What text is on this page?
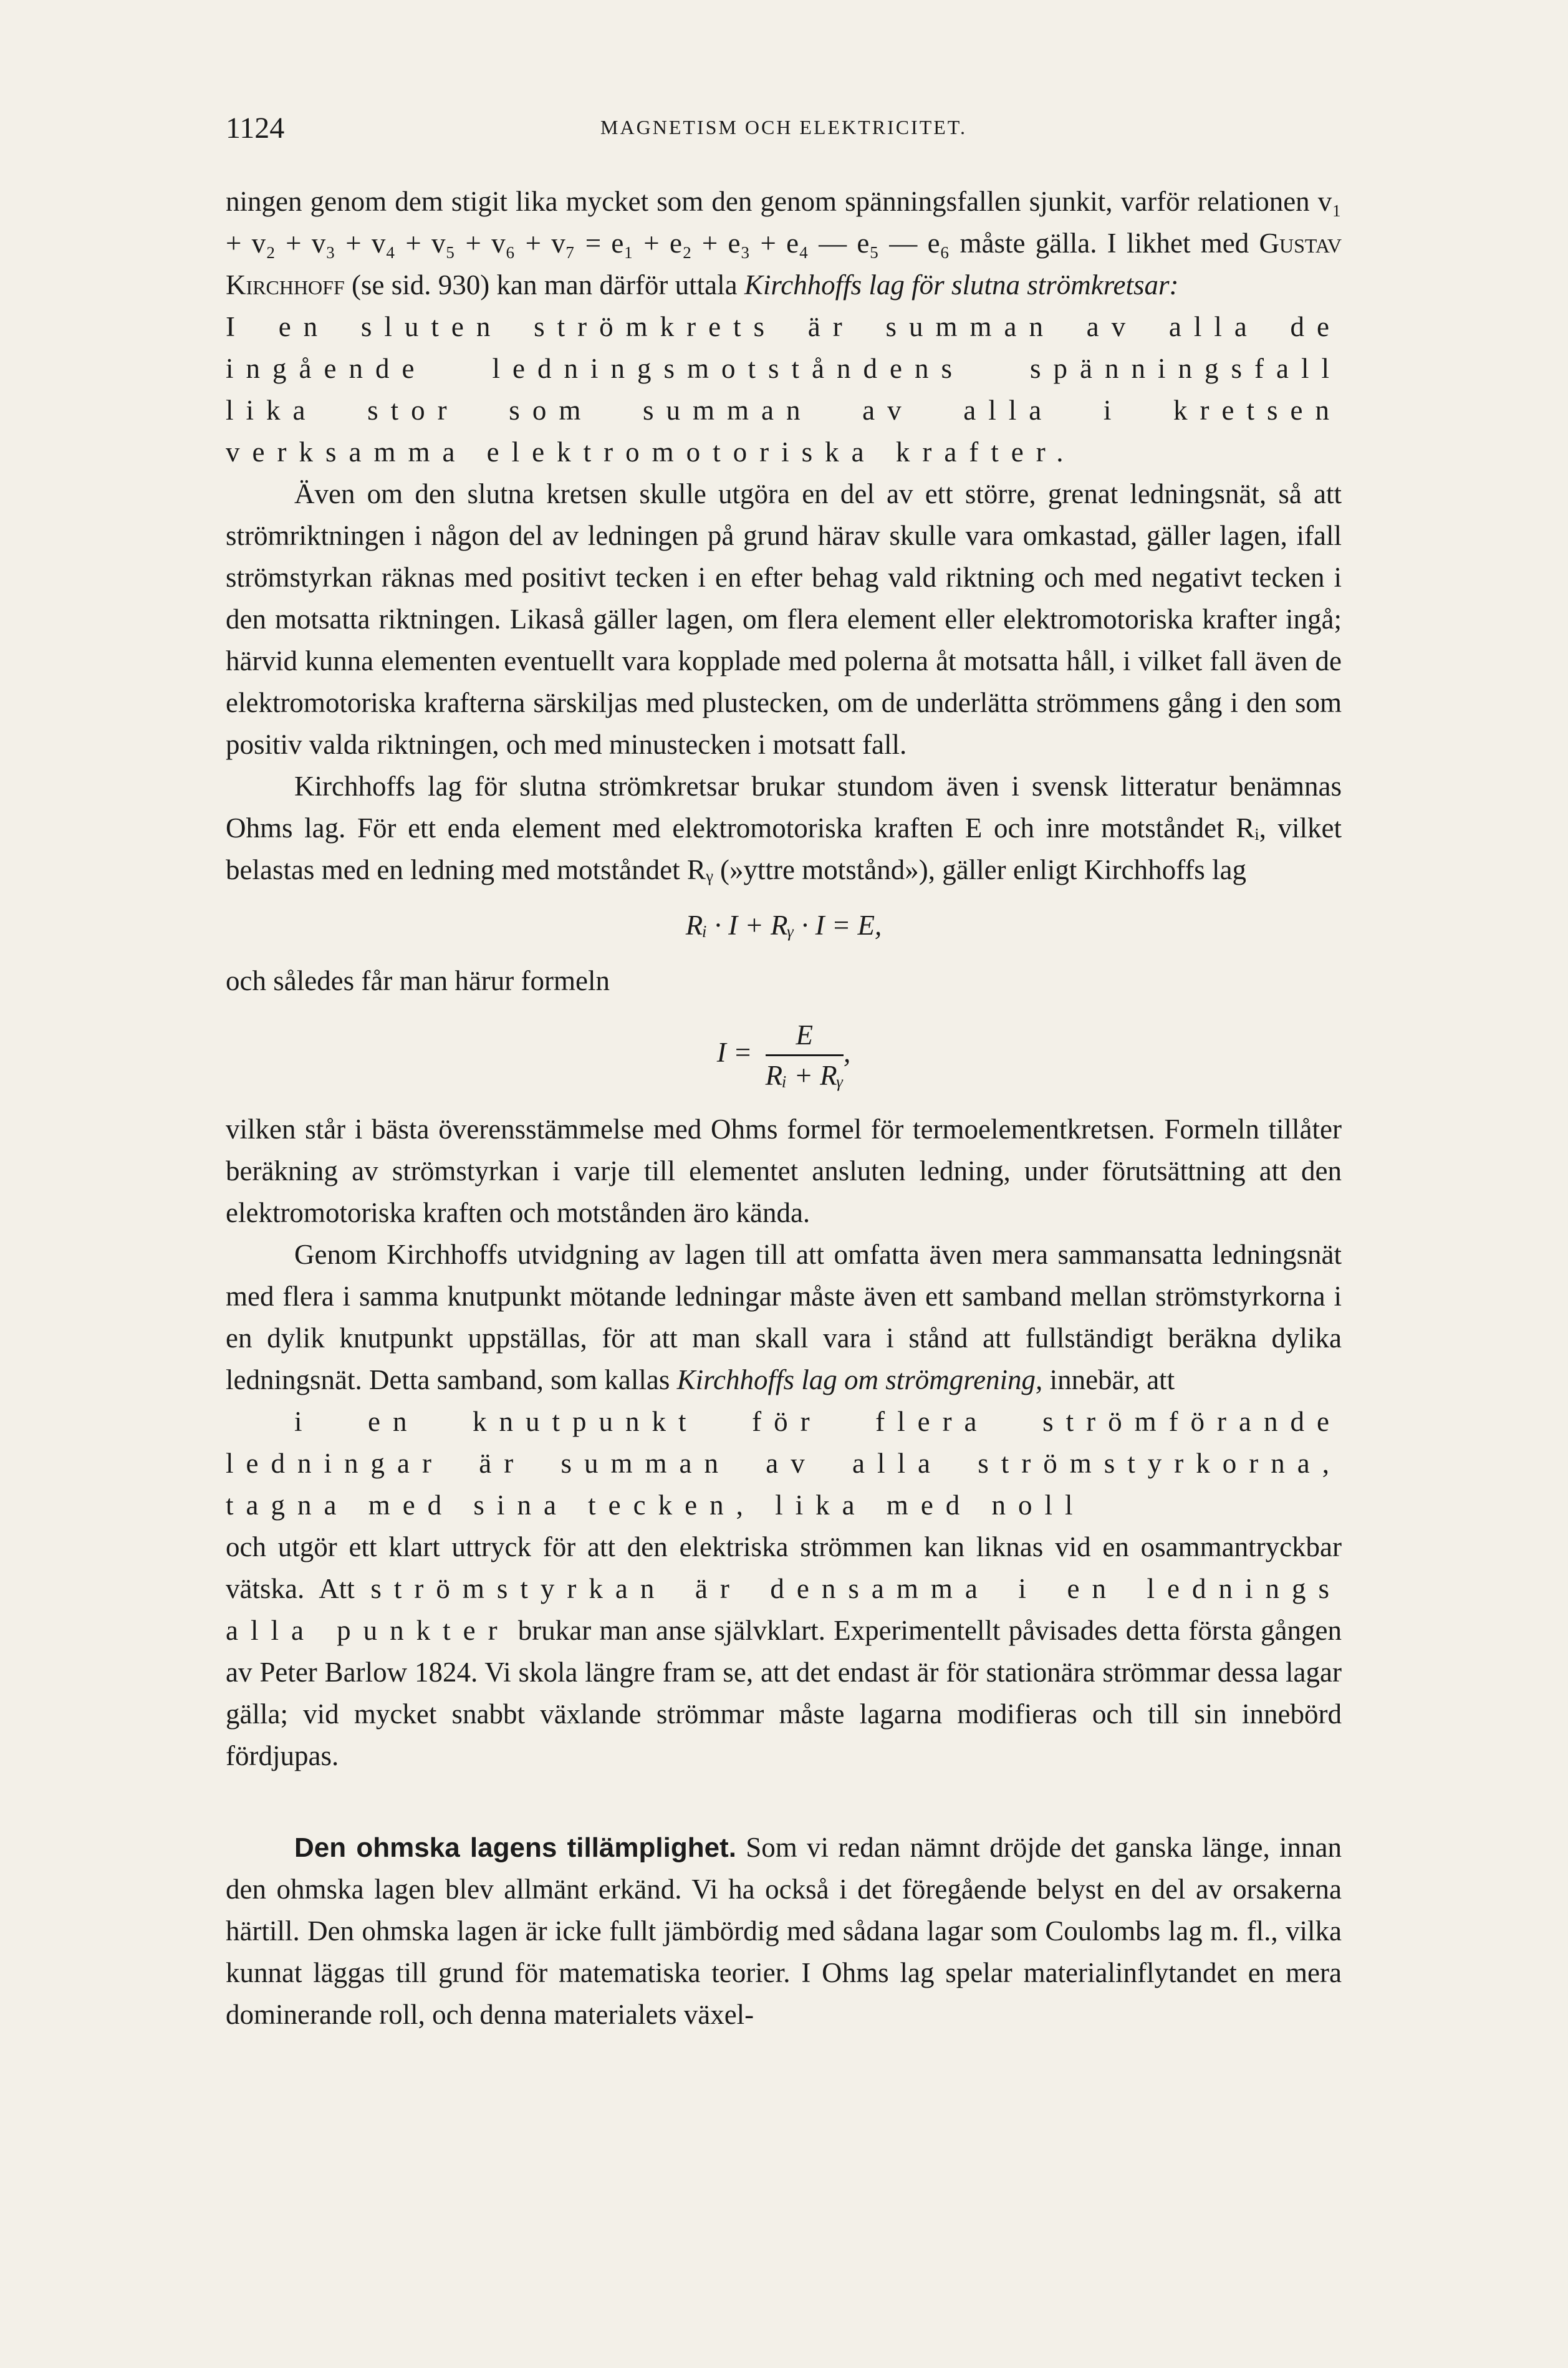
1124	MAGNETISM OCH ELEKTRICITET.

ningen genom dem stigit lika mycket som den genom spänningsfallen sjunkit, varför relationen v₁ + v₂ + v₃ + v₄ + v₅ + v₆ + v₇ = e₁ + e₂ + e₃ + e₄ — e₅ — e₆ måste gälla. I likhet med Gustav Kirchhoff (se sid. 930) kan man därför uttala Kirchhoffs lag för slutna strömkretsar:

I en sluten strömkrets är summan av alla de ingående ledningsmotståndens spänningsfall lika stor som summan av alla i kretsen verksamma elektromotoriska krafter.

Även om den slutna kretsen skulle utgöra en del av ett större, grenat ledningsnät, så att strömriktningen i någon del av ledningen på grund härav skulle vara omkastad, gäller lagen, ifall strömstyrkan räknas med positivt tecken i en efter behag vald riktning och med negativt tecken i den motsatta riktningen. Likaså gäller lagen, om flera element eller elektromotoriska krafter ingå; härvid kunna elementen eventuellt vara kopplade med polerna åt motsatta håll, i vilket fall även de elektromotoriska krafterna särskiljas med plustecken, om de underlätta strömmens gång i den som positiv valda riktningen, och med minustecken i motsatt fall.

Kirchhoffs lag för slutna strömkretsar brukar stundom även i svensk litteratur benämnas Ohms lag. För ett enda element med elektromotoriska kraften E och inre motståndet Rᵢ, vilket belastas med en ledning med motståndet Rᵧ (»yttre motstånd»), gäller enligt Kirchhoffs lag

Rᵢ · I + Rᵧ · I = E,

och således får man härur formeln

$I = \frac{E}{\text{Rᵢ + Rᵧ}}$ ,

vilken står i bästa överensstämmelse med Ohms formel för termoelementkretsen. Formeln tillåter beräkning av strömstyrkan i varje till elementet ansluten ledning, under förutsättning att den elektromotoriska kraften och motstånden äro kända.

Genom Kirchhoffs utvidgning av lagen till att omfatta även mera sammansatta ledningsnät med flera i samma knutpunkt mötande ledningar måste även ett samband mellan strömstyrkorna i en dylik knutpunkt uppställas, för att man skall vara i stånd att fullständigt beräkna dylika ledningsnät. Detta samband, som kallas Kirchhoffs lag om strömgrening, innebär, att

i en knutpunkt för flera strömförande ledningar är summan av alla strömstyrkorna, tagna med sina tecken, lika med noll

och utgör ett klart uttryck för att den elektriska strömmen kan liknas vid en osammantryckbar vätska. Att strömstyrkan är densamma i en lednings alla punkter brukar man anse självklart. Experimentellt påvisades detta första gången av Peter Barlow 1824. Vi skola längre fram se, att det endast är för stationära strömmar dessa lagar gälla; vid mycket snabbt växlande strömmar måste lagarna modifieras och till sin innebörd fördjupas.

Den ohmska lagens tillämplighet. Som vi redan nämnt dröjde det ganska länge, innan den ohmska lagen blev allmänt erkänd. Vi ha också i det föregående belyst en del av orsakerna härtill. Den ohmska lagen är icke fullt jämbördig med sådana lagar som Coulombs lag m. fl., vilka kunnat läggas till grund för matematiska teorier. I Ohms lag spelar materialinflytandet en mera dominerande roll, och denna materialets växel-
